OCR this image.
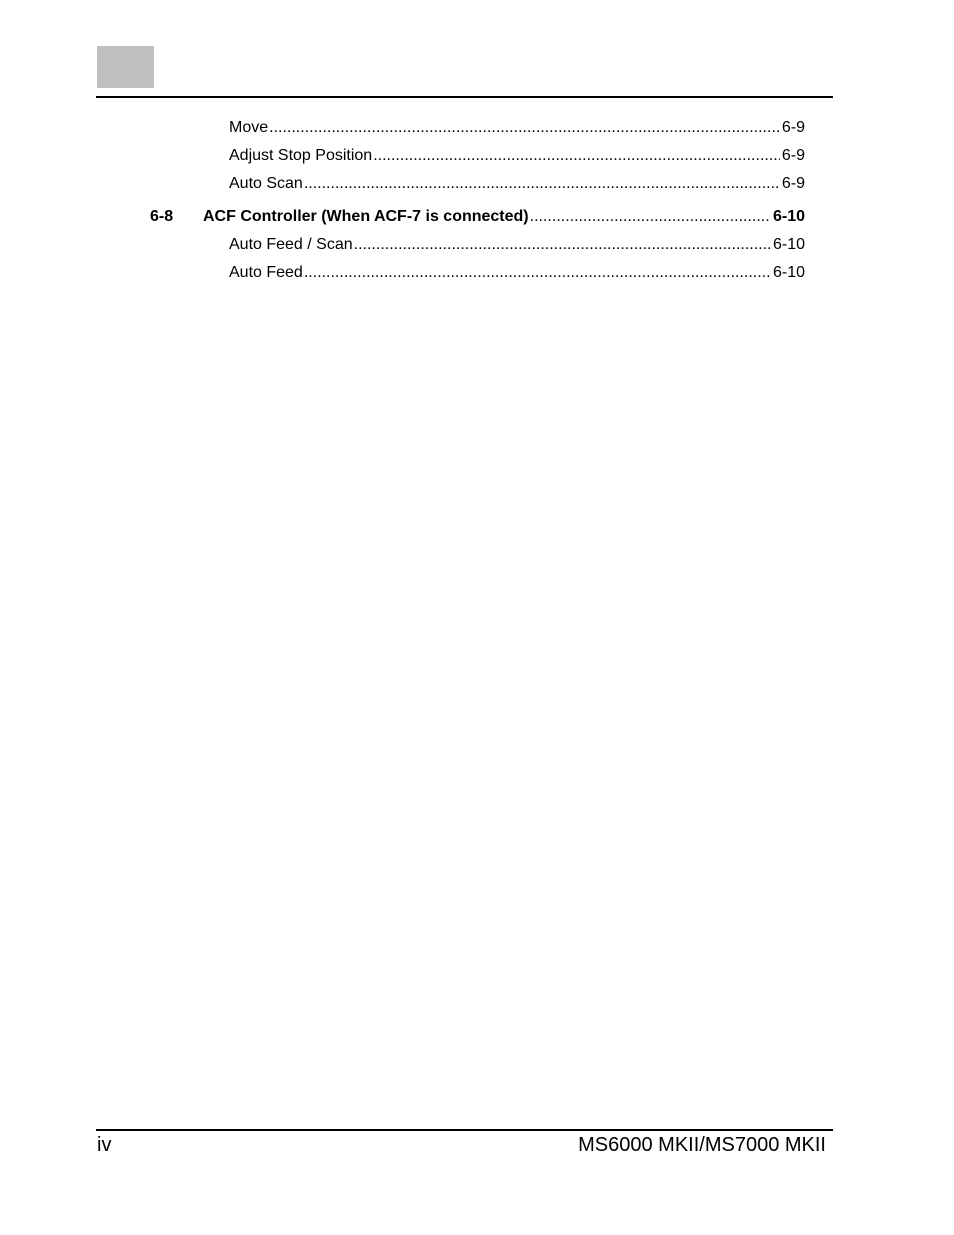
Move .....	6-9
Adjust Stop Position .....	6-9
Auto Scan .....	6-9
6-8	ACF Controller (When ACF-7 is connected) .....	6-10
Auto Feed / Scan .....	6-10
Auto Feed .....	6-10
iv	MS6000 MKII/MS7000 MKII
